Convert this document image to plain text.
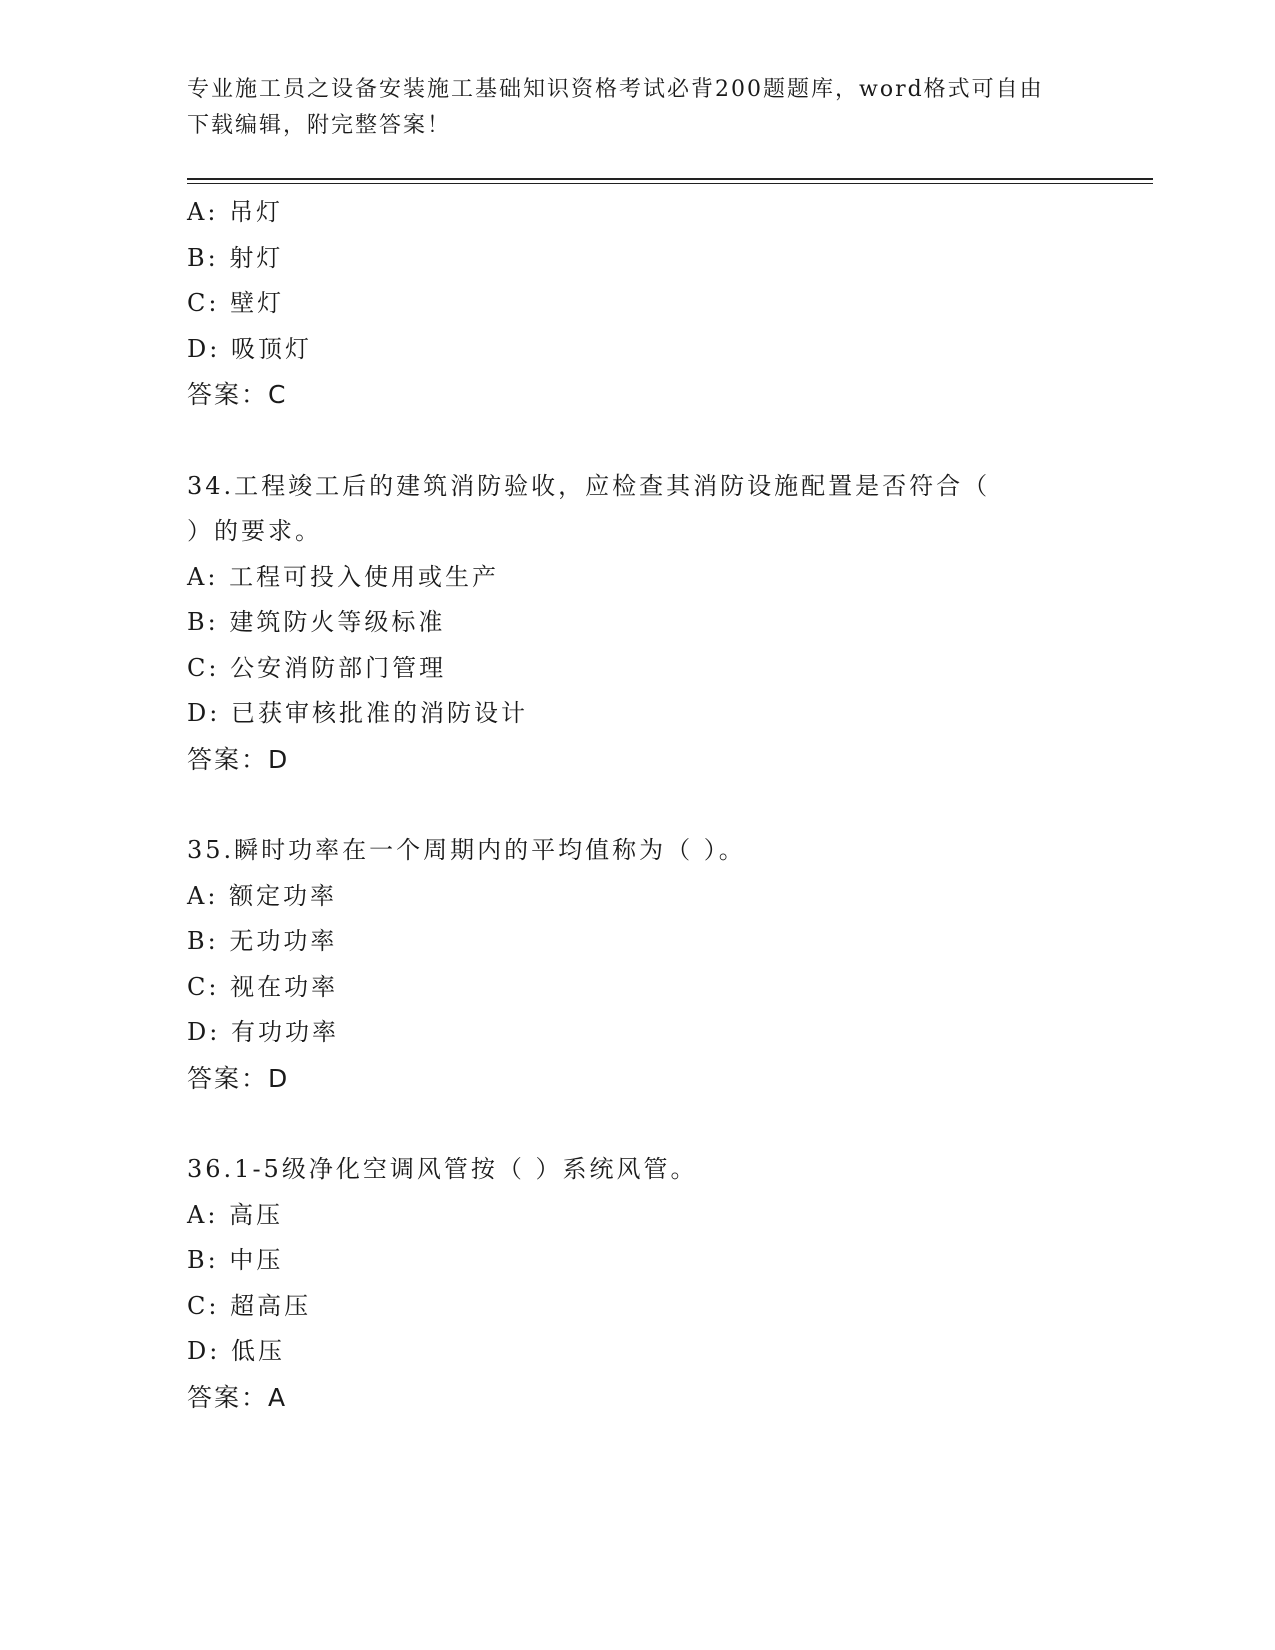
专业施工员之设备安装施工基础知识资格考试必背200题题库，word格式可自由下载编辑，附完整答案！
A: 吊灯
B: 射灯
C: 壁灯
D: 吸顶灯
答案：C
34.工程竣工后的建筑消防验收，应检查其消防设施配置是否符合（
）的要求。
A: 工程可投入使用或生产
B: 建筑防火等级标准
C: 公安消防部门管理
D: 已获审核批准的消防设计
答案：D
35.瞬时功率在一个周期内的平均值称为（ ）。
A: 额定功率
B: 无功功率
C: 视在功率
D: 有功功率
答案：D
36.1-5级净化空调风管按（ ）系统风管。
A: 高压
B: 中压
C: 超高压
D: 低压
答案：A
